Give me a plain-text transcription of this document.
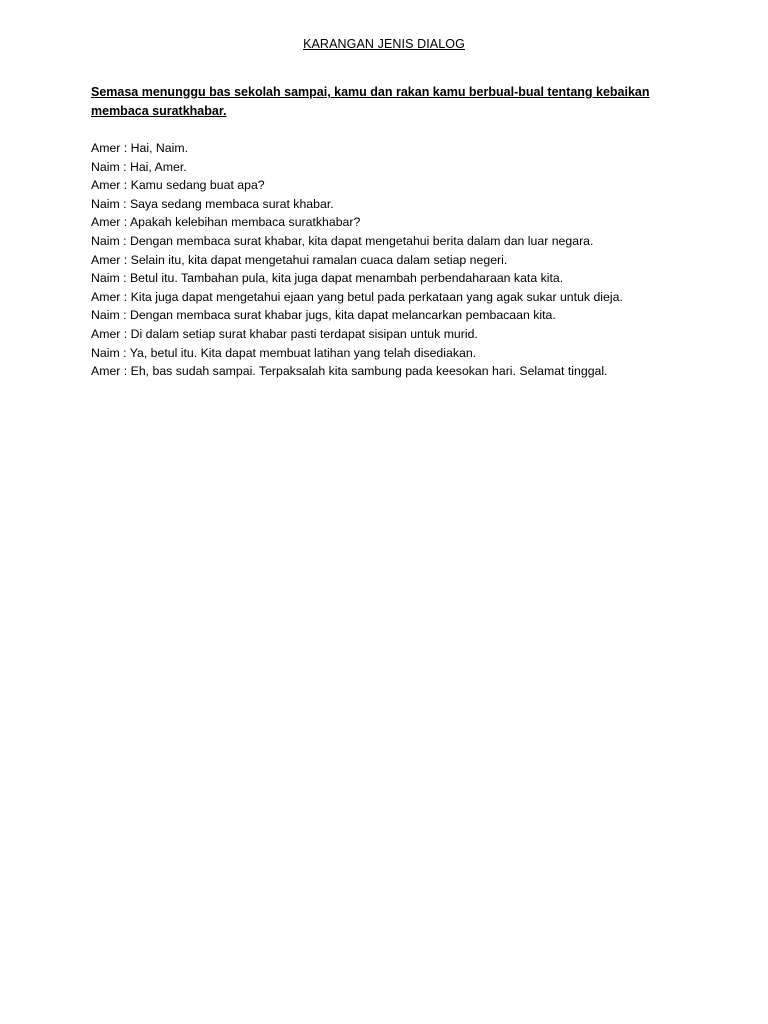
KARANGAN JENIS DIALOG
Semasa menunggu bas sekolah sampai, kamu dan rakan kamu berbual-bual tentang kebaikan membaca suratkhabar.
Amer : Hai, Naim.
Naim : Hai, Amer.
Amer : Kamu sedang buat apa?
Naim : Saya sedang membaca surat khabar.
Amer : Apakah kelebihan membaca suratkhabar?
Naim : Dengan membaca surat khabar, kita dapat mengetahui berita dalam dan luar negara.
Amer : Selain itu, kita dapat mengetahui ramalan cuaca dalam setiap negeri.
Naim : Betul itu. Tambahan pula, kita juga dapat menambah perbendaharaan kata kita.
Amer : Kita juga dapat mengetahui ejaan yang betul pada perkataan yang agak sukar untuk dieja.
Naim : Dengan membaca surat khabar jugs, kita dapat melancarkan pembacaan kita.
Amer : Di dalam setiap surat khabar pasti terdapat sisipan untuk murid.
Naim : Ya, betul itu. Kita dapat membuat latihan yang telah disediakan.
Amer : Eh, bas sudah sampai. Terpaksalah kita sambung pada keesokan hari. Selamat tinggal.
